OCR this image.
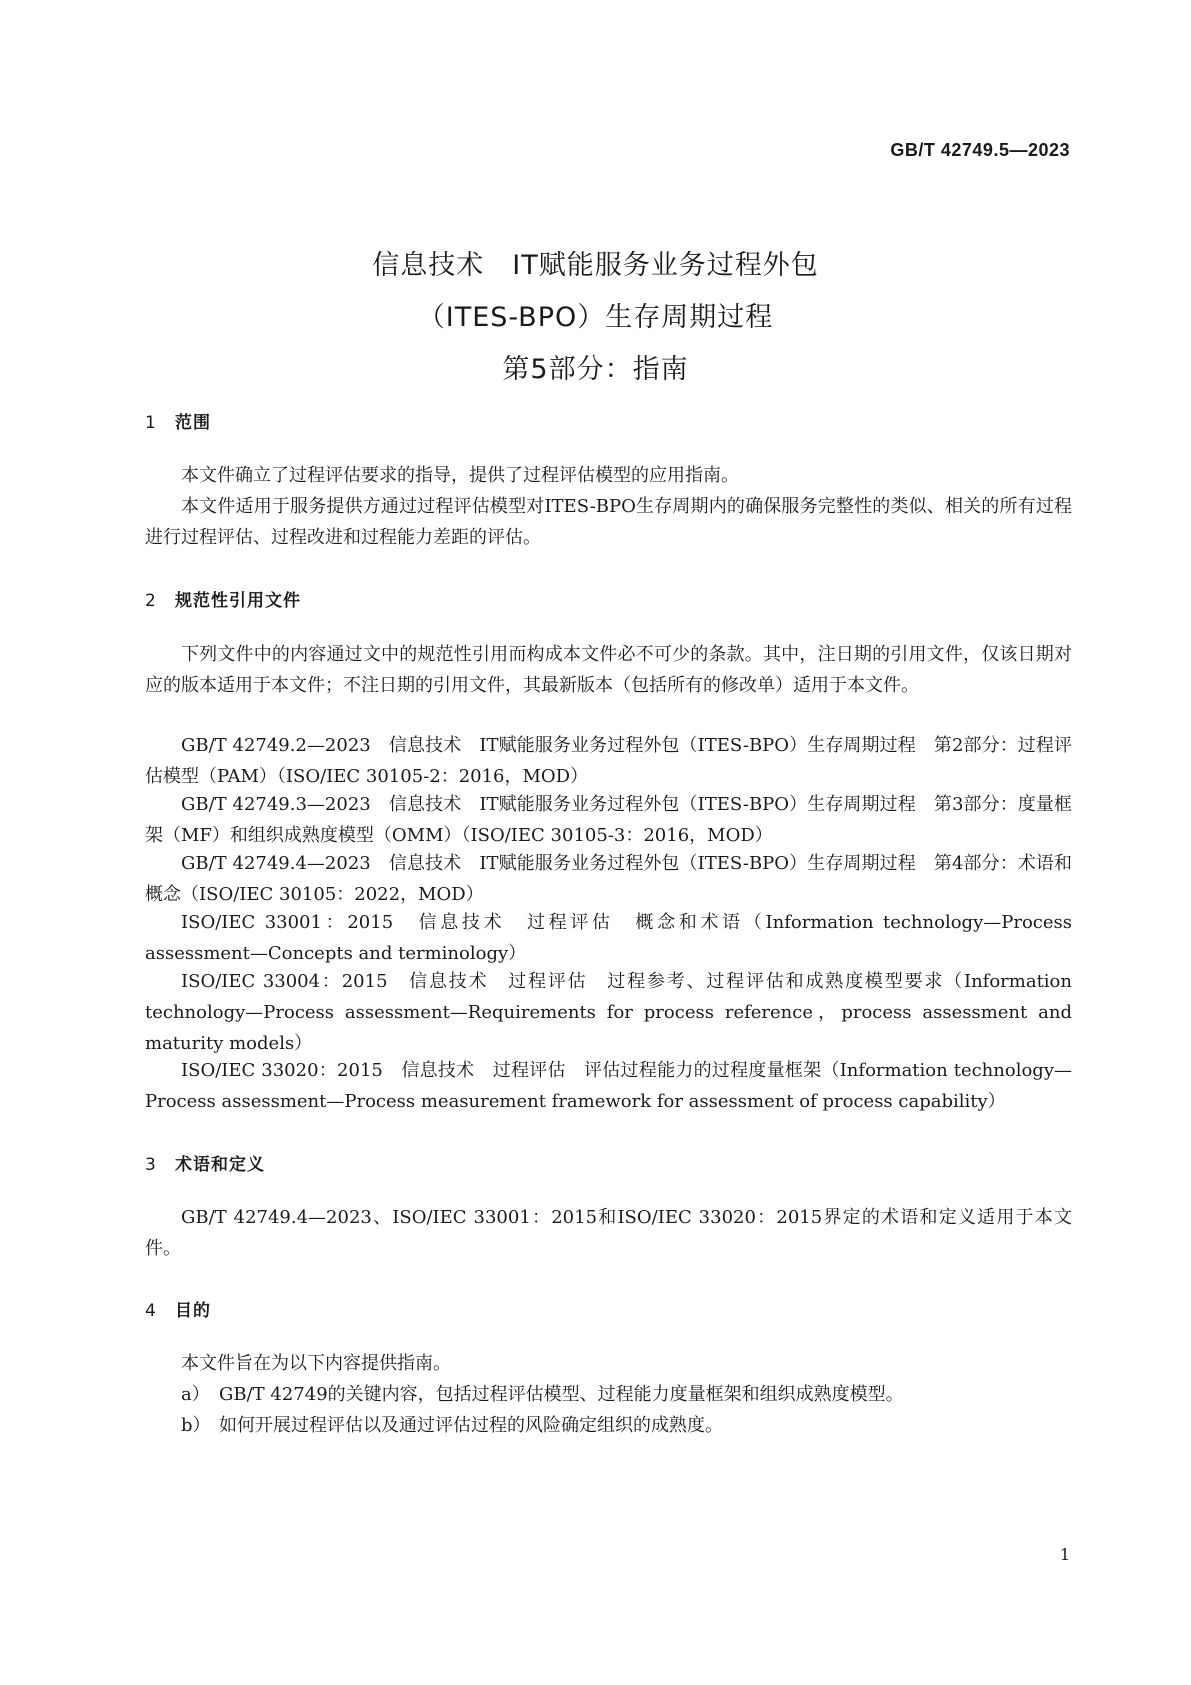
GB/T 42749.5—2023
信息技术　IT赋能服务业务过程外包
（ITES-BPO）生存周期过程
第5部分：指南
1 范围
本文件确立了过程评估要求的指导，提供了过程评估模型的应用指南。
本文件适用于服务提供方通过过程评估模型对ITES-BPO生存周期内的确保服务完整性的类似、相关的所有过程进行过程评估、过程改进和过程能力差距的评估。
2 规范性引用文件
下列文件中的内容通过文中的规范性引用而构成本文件必不可少的条款。其中，注日期的引用文件，仅该日期对应的版本适用于本文件；不注日期的引用文件，其最新版本（包括所有的修改单）适用于本文件。
GB/T 42749.2—2023　信息技术　IT赋能服务业务过程外包（ITES-BPO）生存周期过程　第2部分：过程评估模型（PAM）（ISO/IEC 30105-2：2016，MOD）
GB/T 42749.3—2023　信息技术　IT赋能服务业务过程外包（ITES-BPO）生存周期过程　第3部分：度量框架（MF）和组织成熟度模型（OMM）（ISO/IEC 30105-3：2016，MOD）
GB/T 42749.4—2023　信息技术　IT赋能服务业务过程外包（ITES-BPO）生存周期过程　第4部分：术语和概念（ISO/IEC 30105：2022，MOD）
ISO/IEC 33001：2015　信息技术　过程评估　概念和术语（Information technology—Process assessment—Concepts and terminology）
ISO/IEC 33004：2015　信息技术　过程评估　过程参考、过程评估和成熟度模型要求（Information technology—Process assessment—Requirements for process reference，process assessment and maturity models）
ISO/IEC 33020：2015　信息技术　过程评估　评估过程能力的过程度量框架（Information technology—Process assessment—Process measurement framework for assessment of process capability）
3 术语和定义
GB/T 42749.4—2023、ISO/IEC 33001：2015和ISO/IEC 33020：2015界定的术语和定义适用于本文件。
4 目的
本文件旨在为以下内容提供指南。
a） GB/T 42749的关键内容，包括过程评估模型、过程能力度量框架和组织成熟度模型。
b） 如何开展过程评估以及通过评估过程的风险确定组织的成熟度。
1
